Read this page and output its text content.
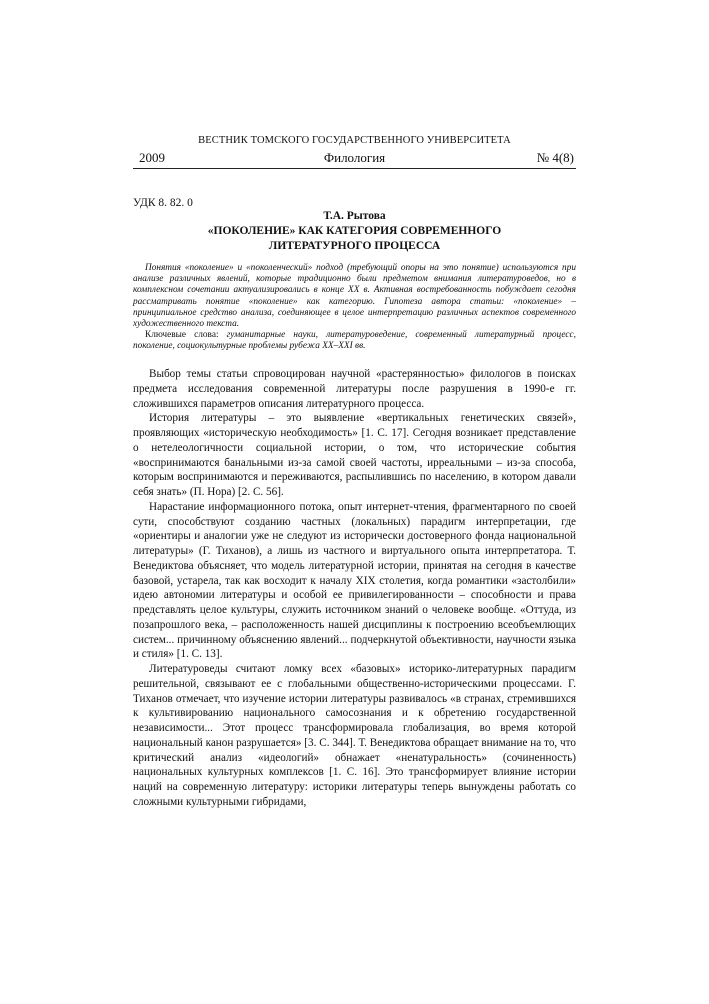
ВЕСТНИК ТОМСКОГО ГОСУДАРСТВЕННОГО УНИВЕРСИТЕТА
2009	Филология	№ 4(8)
УДК 8. 82. 0
Т.А. Рытова
«ПОКОЛЕНИЕ» КАК КАТЕГОРИЯ СОВРЕМЕННОГО ЛИТЕРАТУРНОГО ПРОЦЕССА

Понятия «поколение» и «поколенческий» подход (требующий опоры на это понятие) используются при анализе различных явлений, которые традиционно были предметом внимания литературоведов, но в комплексном сочетании актуализировались в конце XX в. Активная востребованность побуждает сегодня рассматривать понятие «поколение» как категорию. Гипотеза автора статьи: «поколение» – принципиальное средство анализа, соединяющее в целое интерпретацию различных аспектов современного художественного текста.

Ключевые слова: гуманитарные науки, литературоведение, современный литературный процесс, поколение, социокультурные проблемы рубежа XX–XXI вв.

Выбор темы статьи спровоцирован научной «растерянностью» филологов в поисках предмета исследования современной литературы после разрушения в 1990-е гг. сложившихся параметров описания литературного процесса.

История литературы – это выявление «вертикальных генетических связей», проявляющих «историческую необходимость» [1. С. 17]. Сегодня возникает представление о нетелеологичности социальной истории, о том, что исторические события «воспринимаются банальными из-за самой своей частоты, ирреальными – из-за способа, которым воспринимаются и переживаются, распылившись по населению, в котором давали себя знать» (П. Нора) [2. С. 56].

Нарастание информационного потока, опыт интернет-чтения, фрагментарного по своей сути, способствуют созданию частных (локальных) парадигм интерпретации, где «ориентиры и аналогии уже не следуют из исторически достоверного фонда национальной литературы» (Г. Тиханов), а лишь из частного и виртуального опыта интерпретатора. Т. Венедиктова объясняет, что модель литературной истории, принятая на сегодня в качестве базовой, устарела, так как восходит к началу XIX столетия, когда романтики «застолбили» идею автономии литературы и особой ее привилегированности – способности и права представлять целое культуры, служить источником знаний о человеке вообще. «Оттуда, из позапрошлого века, – расположенность нашей дисциплины к построению всеобъемлющих систем... причинному объяснению явлений... подчеркнутой объективности, научности языка и стиля» [1. С. 13].

Литературоведы считают ломку всех «базовых» историко-литературных парадигм решительной, связывают ее с глобальными общественно-историческими процессами. Г. Тиханов отмечает, что изучение истории литературы развивалось «в странах, стремившихся к культивированию национального самосознания и к обретению государственной независимости... Этот процесс трансформировала глобализация, во время которой национальный канон разрушается» [3. С. 344]. Т. Венедиктова обращает внимание на то, что критический анализ «идеологий» обнажает «ненатуральность» (сочиненность) национальных культурных комплексов [1. С. 16]. Это трансформирует влияние истории наций на современную литературу: историки литературы теперь вынуждены работать со сложными культурными гибридами,
